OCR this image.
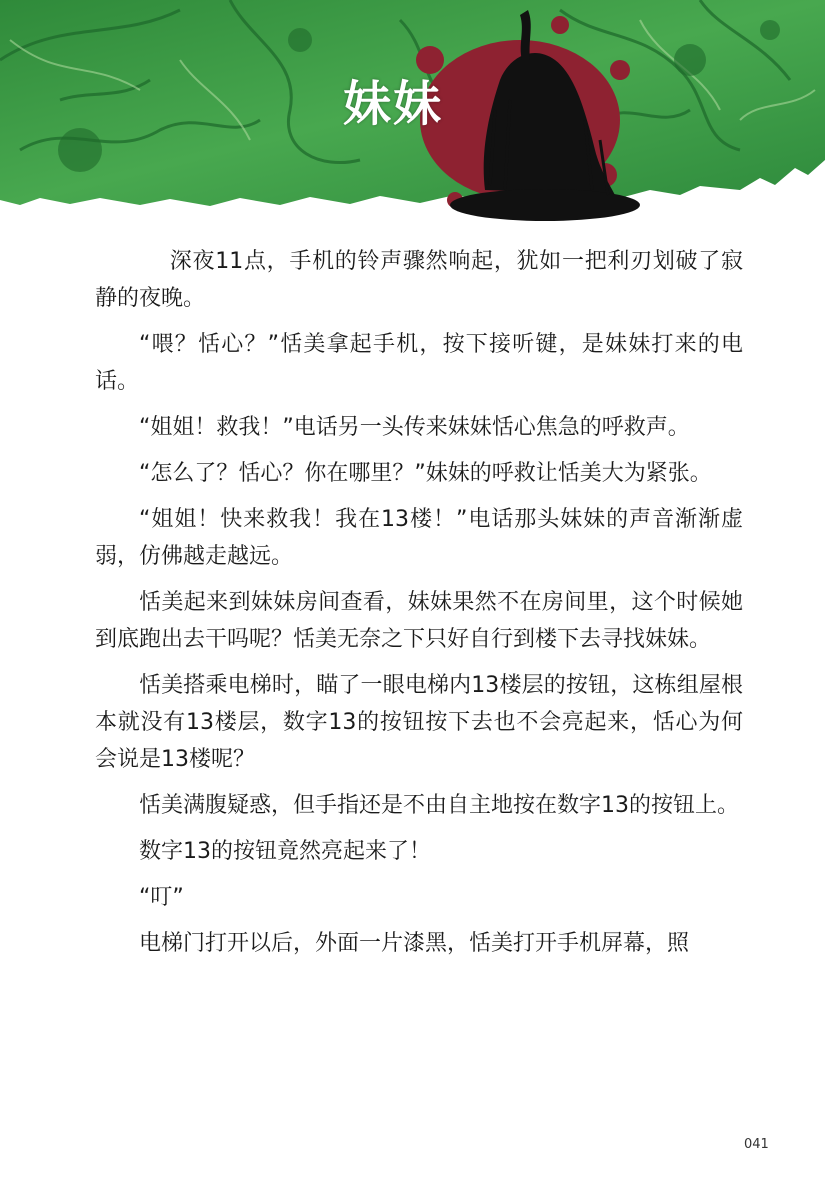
妹妹

深夜11点，手机的铃声骤然响起，犹如一把利刃划破了寂静的夜晚。

“喂？恬心？”恬美拿起手机，按下接听键，是妹妹打来的电话。

“姐姐！救我！”电话另一头传来妹妹恬心焦急的呼救声。

“怎么了？恬心？你在哪里？”妹妹的呼救让恬美大为紧张。

“姐姐！快来救我！我在13楼！”电话那头妹妹的声音渐渐虚弱，仿佛越走越远。

恬美起来到妹妹房间查看，妹妹果然不在房间里，这个时候她到底跑出去干吗呢？恬美无奈之下只好自行到楼下去寻找妹妹。

恬美搭乘电梯时，瞄了一眼电梯内13楼层的按钮，这栋组屋根本就没有13楼层，数字13的按钮按下去也不会亮起来，恬心为何会说是13楼呢？

恬美满腹疑惑，但手指还是不由自主地按在数字13的按钮上。

数字13的按钮竟然亮起来了！

“叮”

电梯门打开以后，外面一片漆黑，恬美打开手机屏幕，照

041
